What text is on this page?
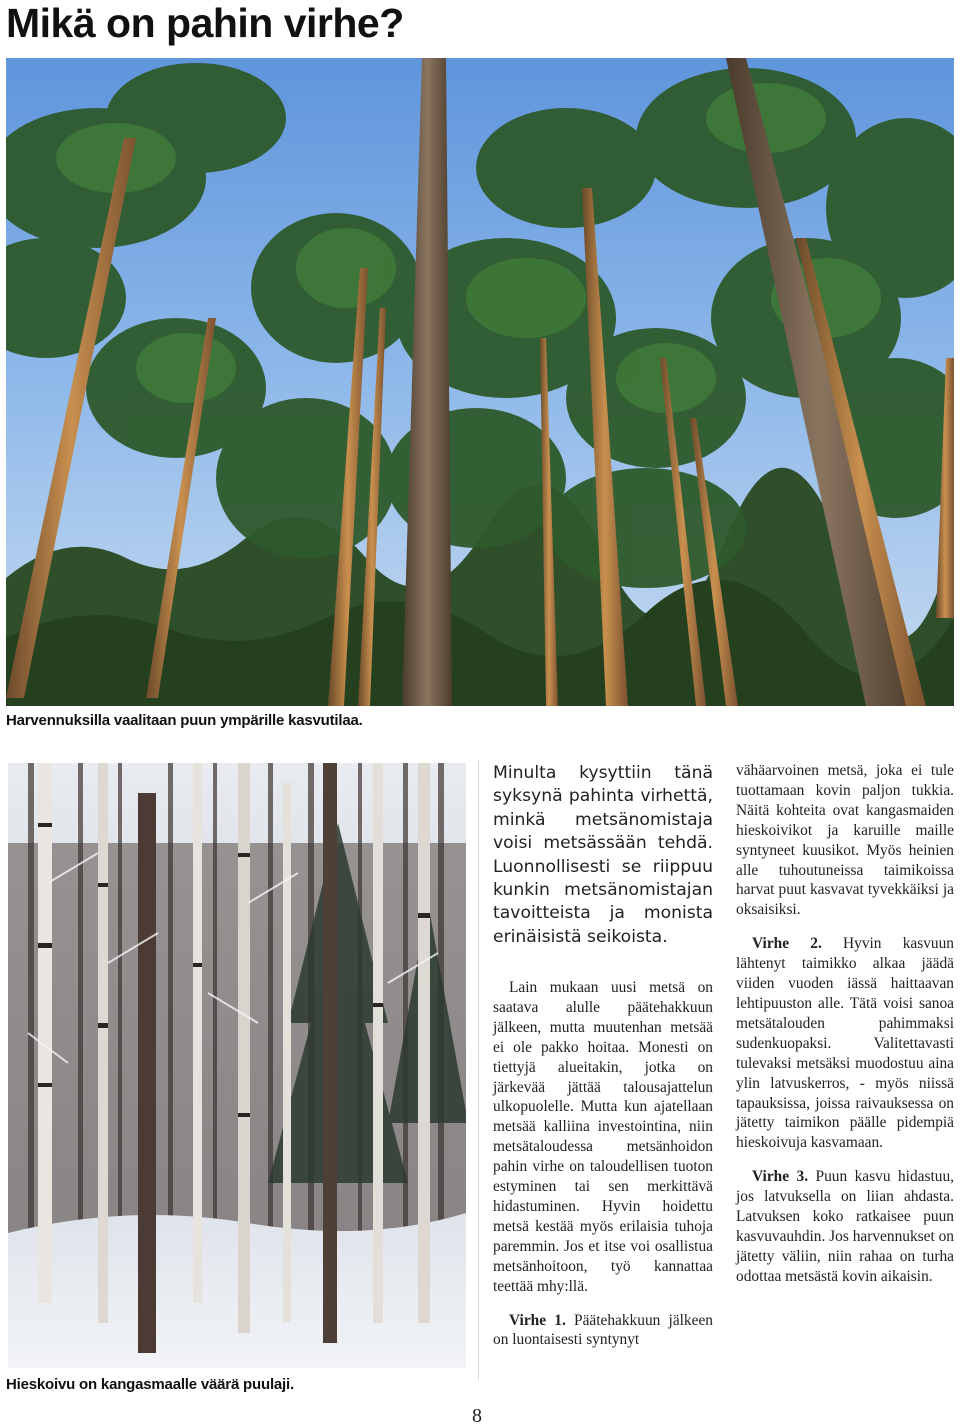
Mikä on pahin virhe?

Harvennuksilla vaalitaan puun ympärille kasvutilaa.

Hieskoivu on kangasmaalle väärä puulaji.

Minulta kysyttiin tänä syksynä pahinta virhettä, minkä metsänomistaja voisi metsässään tehdä. Luonnollisesti se riippuu kunkin metsänomistajan tavoitteista ja monista erinäisistä seikoista.

Lain mukaan uusi metsä on saatava alulle päätehakkuun jälkeen, mutta muutenhan metsää ei ole pakko hoitaa. Monesti on tiettyjä alueitakin, jotka on järkevää jättää talousajattelun ulkopuolelle. Mutta kun ajatellaan metsää kalliina investointina, niin metsätaloudessa metsänhoidon pahin virhe on taloudellisen tuoton estyminen tai sen merkittävä hidastuminen. Hyvin hoidettu metsä kestää myös erilaisia tuhoja paremmin. Jos et itse voi osallistua metsänhoitoon, työ kannattaa teettää mhy:llä.

Virhe 1. Päätehakkuun jälkeen on luontaisesti syntynyt

vähäarvoinen metsä, joka ei tule tuottamaan kovin paljon tukkia. Näitä kohteita ovat kangasmaiden hieskoivikot ja karuille maille syntyneet kuusikot. Myös heinien alle tuhoutuneissa taimikoissa harvat puut kasvavat tyvekkäiksi ja oksaisiksi.

Virhe 2. Hyvin kasvuun lähtenyt taimikko alkaa jäädä viiden vuoden iässä haittaavan lehtipuuston alle. Tätä voisi sanoa metsätalouden pahimmaksi sudenkuopaksi. Valitettavasti tulevaksi metsäksi muodostuu aina ylin latvuskerros, - myös niissä tapauksissa, joissa raivauksessa on jätetty taimikon päälle pidempiä hieskoivuja kasvamaan.

Virhe 3. Puun kasvu hidastuu, jos latvuksella on liian ahdasta. Latvuksen koko ratkaisee puun kasvuvauhdin. Jos harvennukset on jätetty väliin, niin rahaa on turha odottaa metsästä kovin aikaisin.

8
